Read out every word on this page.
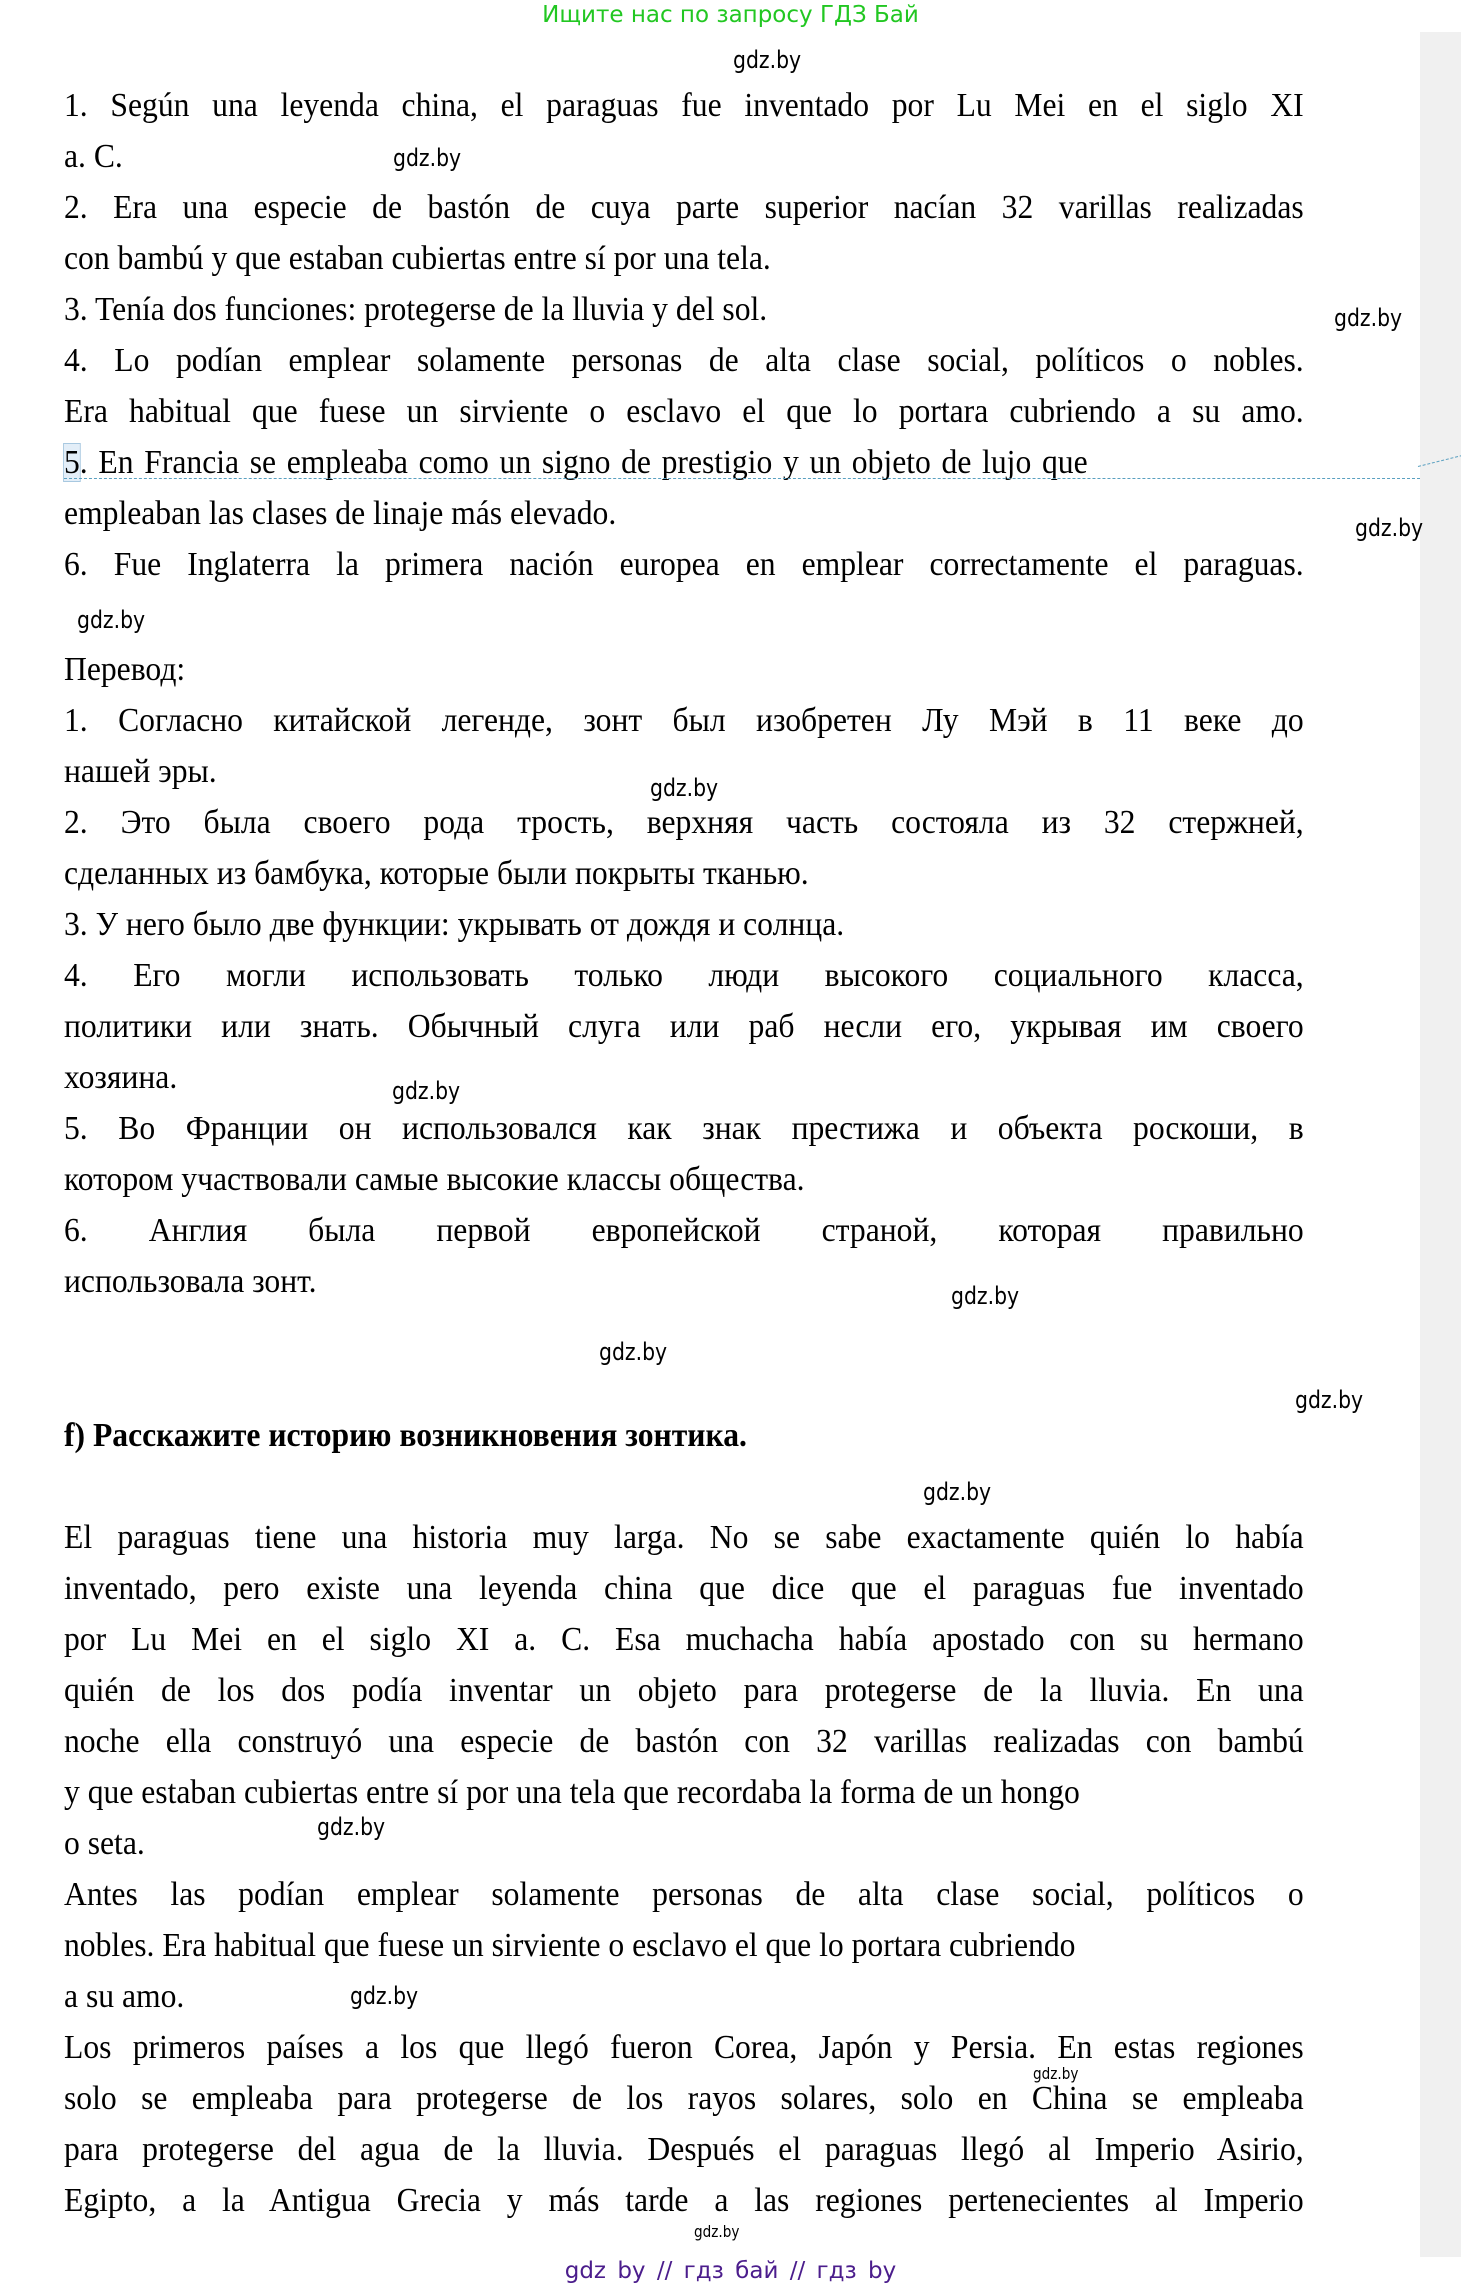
Ищите нас по запросу ГДЗ Бай
gdz.by
gdz.by
gdz.by
gdz.by
gdz.by
gdz.by
gdz.by
gdz.by
gdz.by
gdz.by
gdz.by
gdz.by
gdz.by
gdz.by
gdz.by
1. Según una leyenda china, el paraguas fue inventado por Lu Mei en el siglo XI
a. C.
2. Era una especie de bastón de cuya parte superior nacían 32 varillas realizadas
con bambú y que estaban cubiertas entre sí por una tela.
3. Tenía dos funciones: protegerse de la lluvia y del sol.
4. Lo podían emplear solamente personas de alta clase social, políticos o nobles.
Era habitual que fuese un sirviente o esclavo el que lo portara cubriendo a su amo.
5. En Francia se empleaba como un signo de prestigio y un objeto de lujo que
empleaban las clases de linaje más elevado.
6. Fue Inglaterra la primera nación europea en emplear correctamente el paraguas.
Перевод:
1. Согласно китайской легенде, зонт был изобретен Лу Мэй в 11 веке до
нашей эры.
2. Это была своего рода трость, верхняя часть состояла из 32 стержней,
сделанных из бамбука, которые были покрыты тканью.
3. У него было две функции: укрывать от дождя и солнца.
4. Его могли использовать только люди высокого социального класса,
политики или знать. Обычный слуга или раб несли его, укрывая им своего
хозяина.
5. Во Франции он использовался как знак престижа и объекта роскоши, в
котором участвовали самые высокие классы общества.
6. Англия была первой европейской страной, которая правильно
использовала зонт.
f) Расскажите историю возникновения зонтика.
El paraguas tiene una historia muy larga. No se sabe exactamente quién lo había
inventado, pero existe una leyenda china que dice que el paraguas fue inventado
por Lu Mei en el siglo XI a. C. Esa muchacha había apostado con su hermano
quién de los dos podía inventar un objeto para protegerse de la lluvia. En una
noche ella construyó una especie de bastón con 32 varillas realizadas con bambú
y que estaban cubiertas entre sí por una tela que recordaba la forma de un hongo
o seta.
Antes las podían emplear solamente personas de alta clase social, políticos o
nobles. Era habitual que fuese un sirviente o esclavo el que lo portara cubriendo
a su amo.
Los primeros países a los que llegó fueron Corea, Japón y Persia. En estas regiones
solo se empleaba para protegerse de los rayos solares, solo en China se empleaba
para protegerse del agua de la lluvia. Después el paraguas llegó al Imperio Asirio,
Egipto, a la Antigua Grecia y más tarde a las regiones pertenecientes al Imperio
gdz by // гдз бай // гдз by
